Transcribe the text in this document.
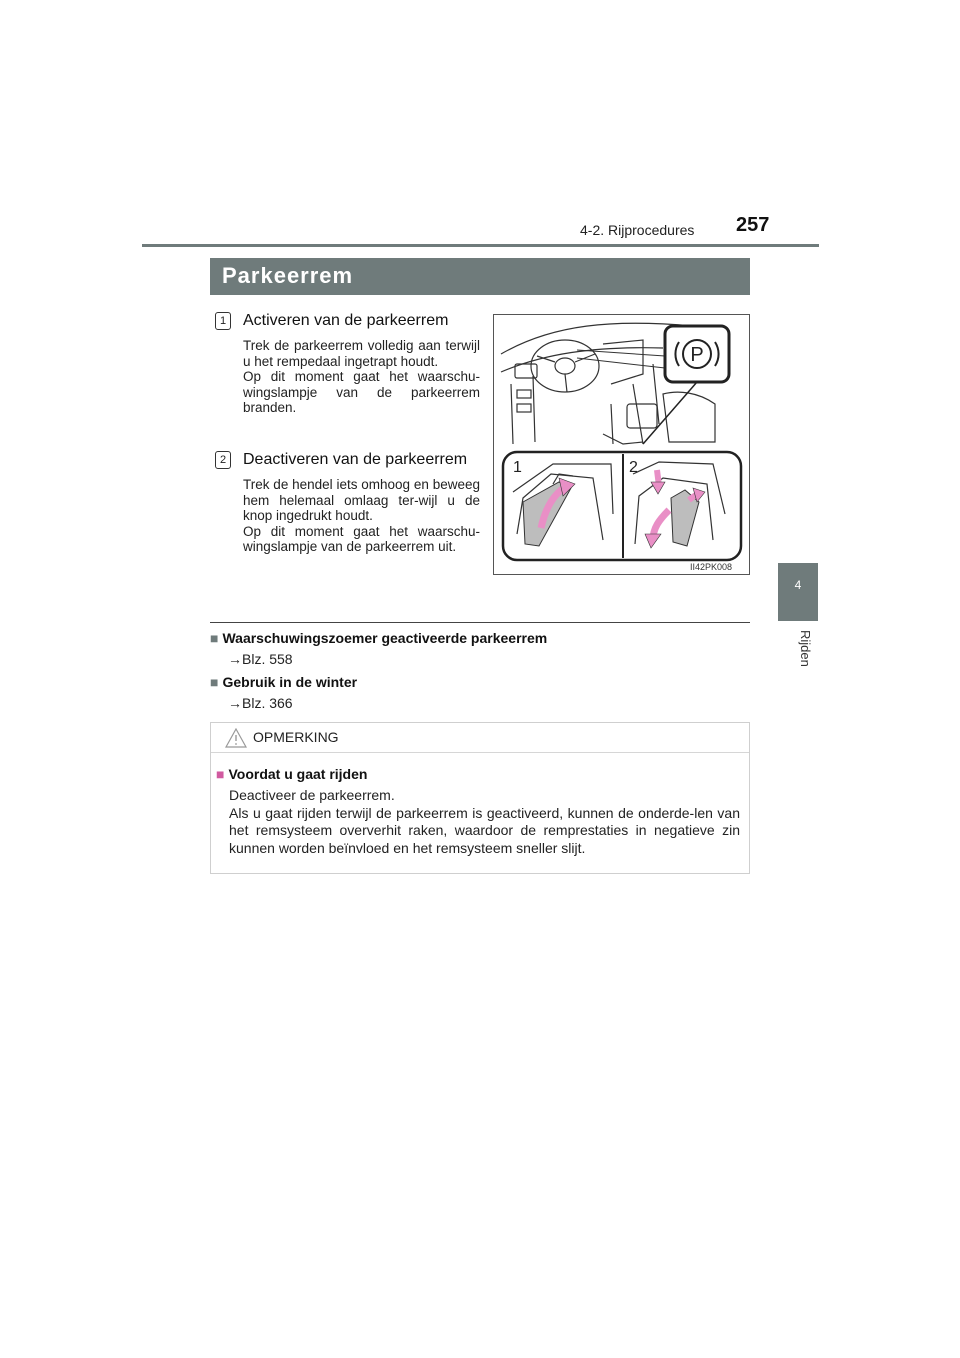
4-2. Rijprocedures 257
4
Rijden
Parkeerrem
1	Activeren van de parkeerrem

Trek de parkeerrem volledig aan terwijl u het rempedaal ingetrapt houdt.

Op dit moment gaat het waarschu-wingslampje van de parkeerrem branden.

2	Deactiveren van de parkeerrem

Trek de hendel iets omhoog en beweeg hem helemaal omlaag ter-wijl u de knop ingedrukt houdt.

Op dit moment gaat het waarschu-wingslampje van de parkeerrem uit.

P
1	2
II42PK008
■ Waarschuwingszoemer geactiveerde parkeerrem
→Blz. 558
■ Gebruik in de winter
→Blz. 366
OPMERKING
■ Voordat u gaat rijden

Deactiveer de parkeerrem.

Als u gaat rijden terwijl de parkeerrem is geactiveerd, kunnen de onderde-len van het remsysteem oververhit raken, waardoor de remprestaties in negatieve zin kunnen worden beïnvloed en het remsysteem sneller slijt.
